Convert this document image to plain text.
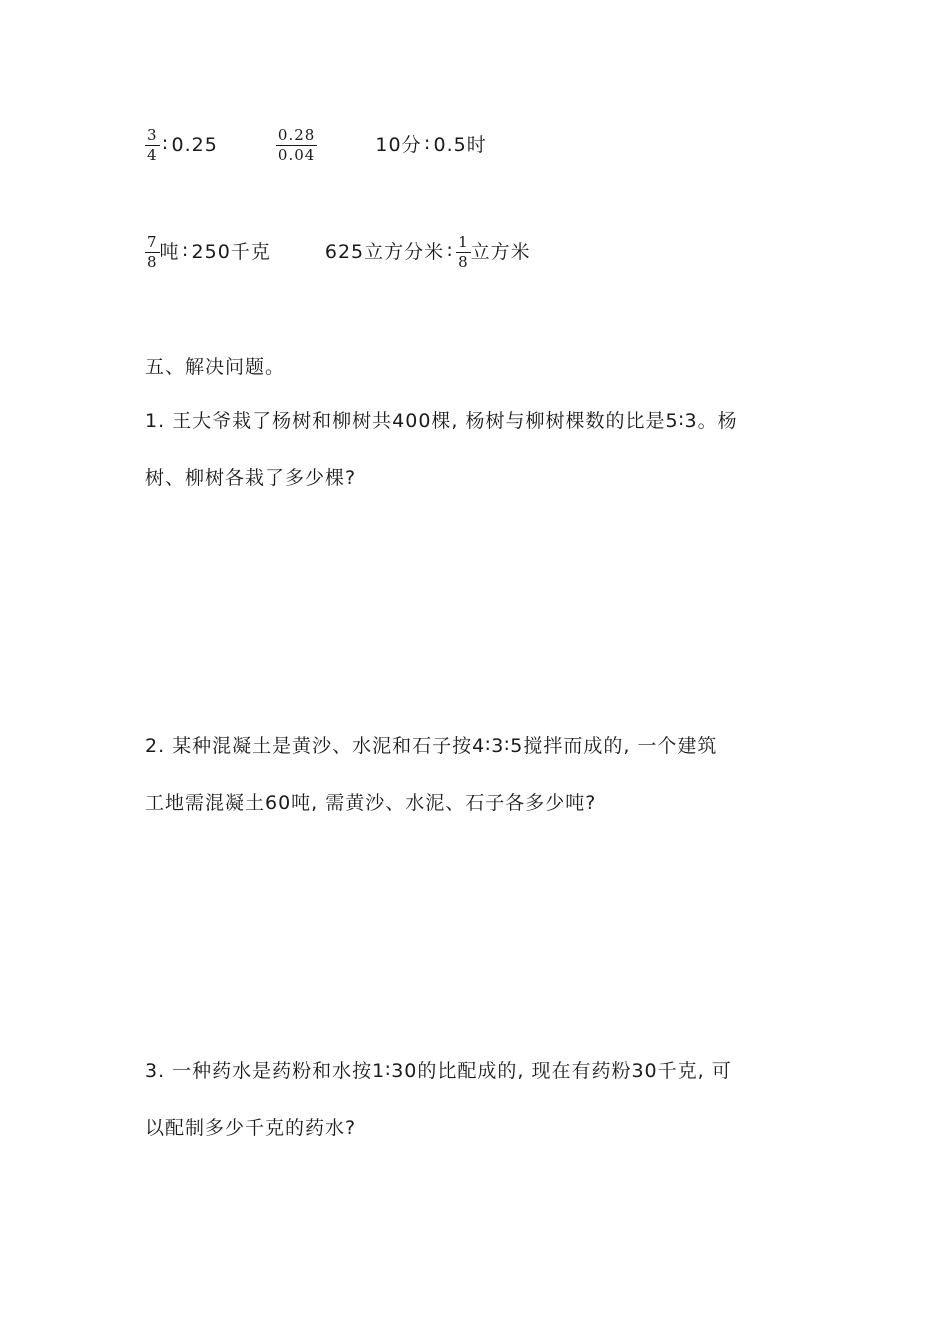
$\frac{3}{4}$ ∶ 0.25	$\frac{0.28}{0.04}$	10分 ∶ 0.5时
$\frac{7}{8}$ 吨 ∶ 250千克	625立方分米 ∶ $\frac{1}{8}$ 立方米
五、解决问题。
1. 王大爷栽了杨树和柳树共400棵, 杨树与柳树棵数的比是5∶3。杨
树、柳树各栽了多少棵?
2. 某种混凝土是黄沙、水泥和石子按4∶3∶5搅拌而成的, 一个建筑
工地需混凝土60吨, 需黄沙、水泥、石子各多少吨?
3. 一种药水是药粉和水按1∶30的比配成的, 现在有药粉30千克, 可
以配制多少千克的药水?
